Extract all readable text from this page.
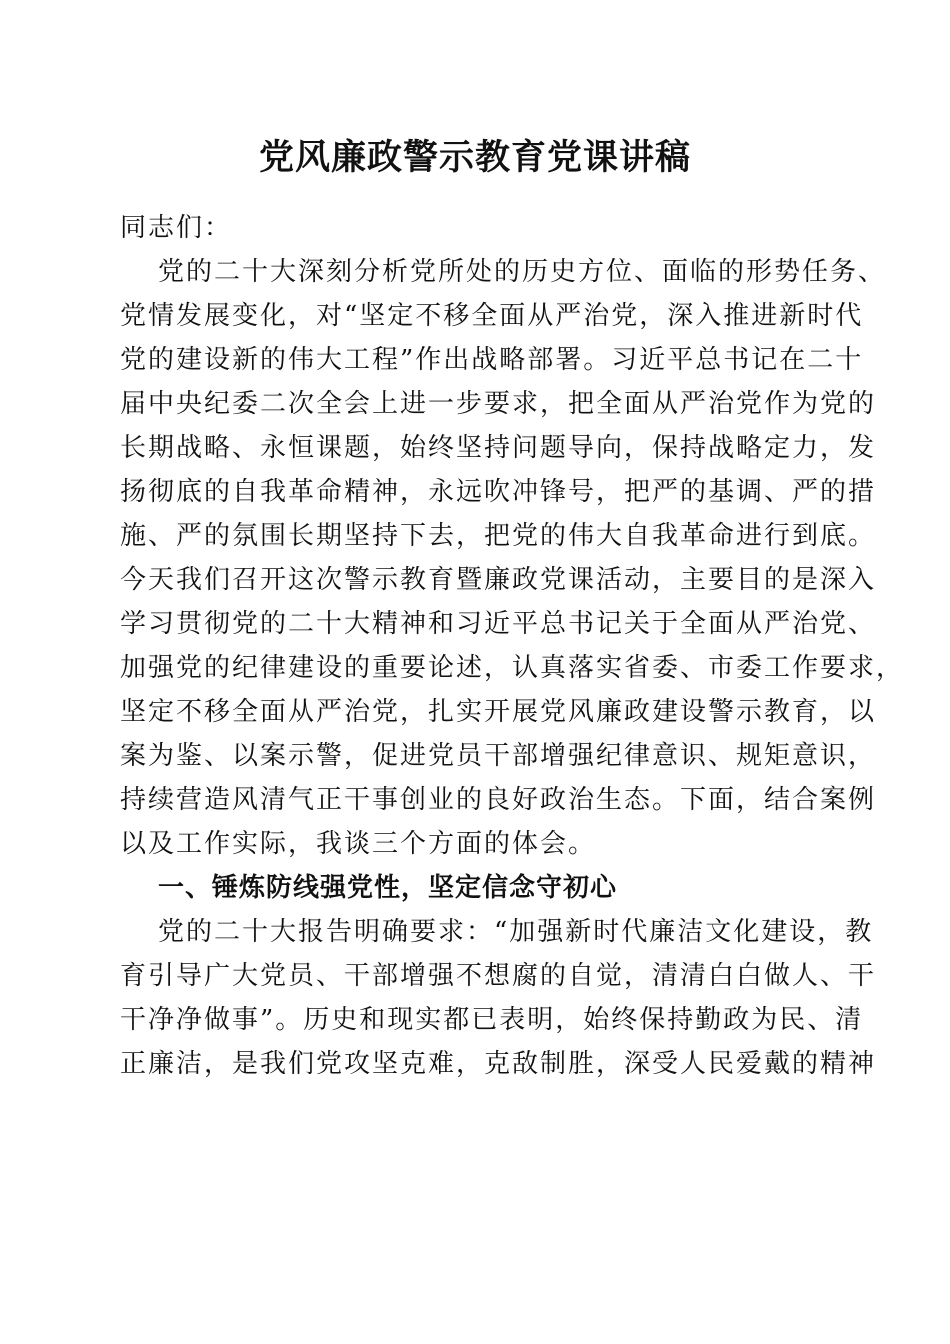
党风廉政警示教育党课讲稿
同志们：
党的二十大深刻分析党所处的历史方位、面临的形势任务、
党情发展变化，对“坚定不移全面从严治党，深入推进新时代
党的建设新的伟大工程”作出战略部署。习近平总书记在二十
届中央纪委二次全会上进一步要求，把全面从严治党作为党的
长期战略、永恒课题，始终坚持问题导向，保持战略定力，发
扬彻底的自我革命精神，永远吹冲锋号，把严的基调、严的措
施、严的氛围长期坚持下去，把党的伟大自我革命进行到底。
今天我们召开这次警示教育暨廉政党课活动，主要目的是深入
学习贯彻党的二十大精神和习近平总书记关于全面从严治党、
加强党的纪律建设的重要论述，认真落实省委、市委工作要求，
坚定不移全面从严治党，扎实开展党风廉政建设警示教育，以
案为鉴、以案示警，促进党员干部增强纪律意识、规矩意识，
持续营造风清气正干事创业的良好政治生态。下面，结合案例
以及工作实际，我谈三个方面的体会。
一、锤炼防线强党性，坚定信念守初心
党的二十大报告明确要求：“加强新时代廉洁文化建设，教
育引导广大党员、干部增强不想腐的自觉，清清白白做人、干
干净净做事”。历史和现实都已表明，始终保持勤政为民、清
正廉洁，是我们党攻坚克难，克敌制胜，深受人民爱戴的精神
